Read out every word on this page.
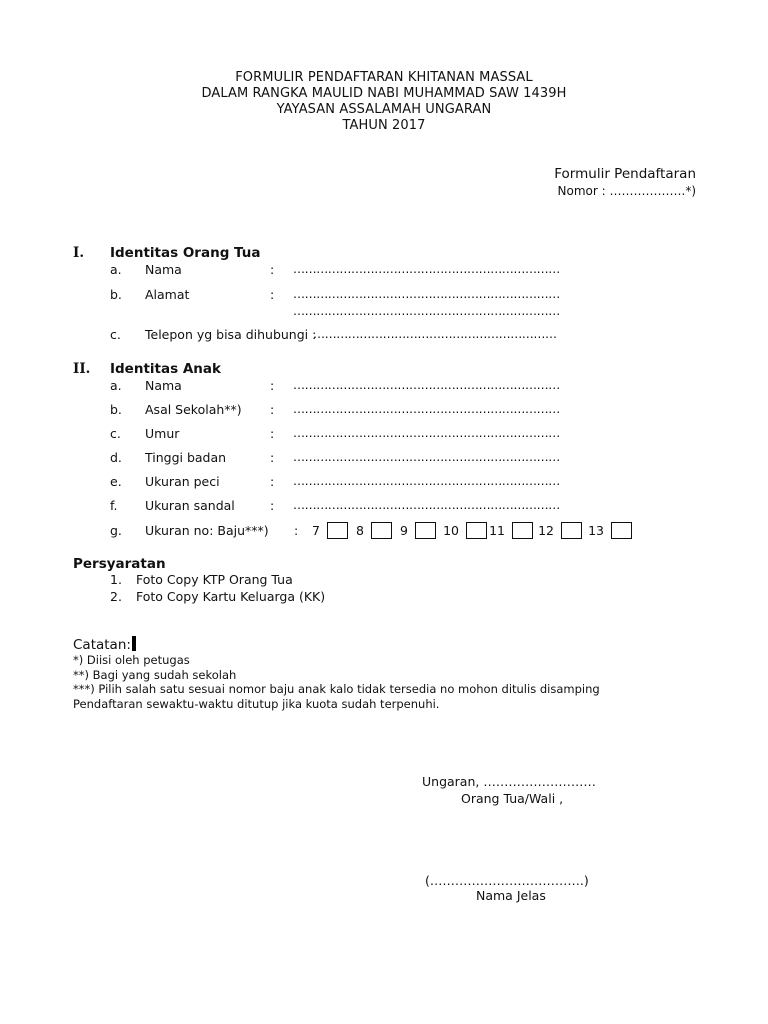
FORMULIR PENDAFTARAN KHITANAN MASSAL
DALAM RANGKA MAULID NABI MUHAMMAD SAW 1439H
YAYASAN ASSALAMAH UNGARAN
TAHUN 2017
Formulir Pendaftaran
Nomor : ……………….*)
I. Identitas Orang Tua
a. Nama	: ……………………………………………………………
b. Alamat	: ……………………………………………………………
……………………………………………………………
c. Telepon yg bisa dihubungi :
………………………………………………………
II. Identitas Anak
a. Nama	: ……………………………………………………………
b. Asal Sekolah**) : ……………………………………………………………
c. Umur	: ……………………………………………………………
d. Tinggi badan	: ……………………………………………………………
e. Ukuran peci	: ……………………………………………………………
f. Ukuran sandal	: ……………………………………………………………
g. Ukuran no: Baju***) : 7	8	9	10 11	12	13
Persyaratan
1. Foto Copy KTP Orang Tua
2. Foto Copy Kartu Keluarga (KK)
Catatan:
*) Diisi oleh petugas
**) Bagi yang sudah sekolah
***) Pilih salah satu sesuai nomor baju anak kalo tidak tersedia no mohon ditulis disamping
Pendaftaran sewaktu-waktu ditutup jika kuota sudah terpenuhi.
Ungaran, ………………………
Orang Tua/Wali ,
(……………………………….)
Nama Jelas
